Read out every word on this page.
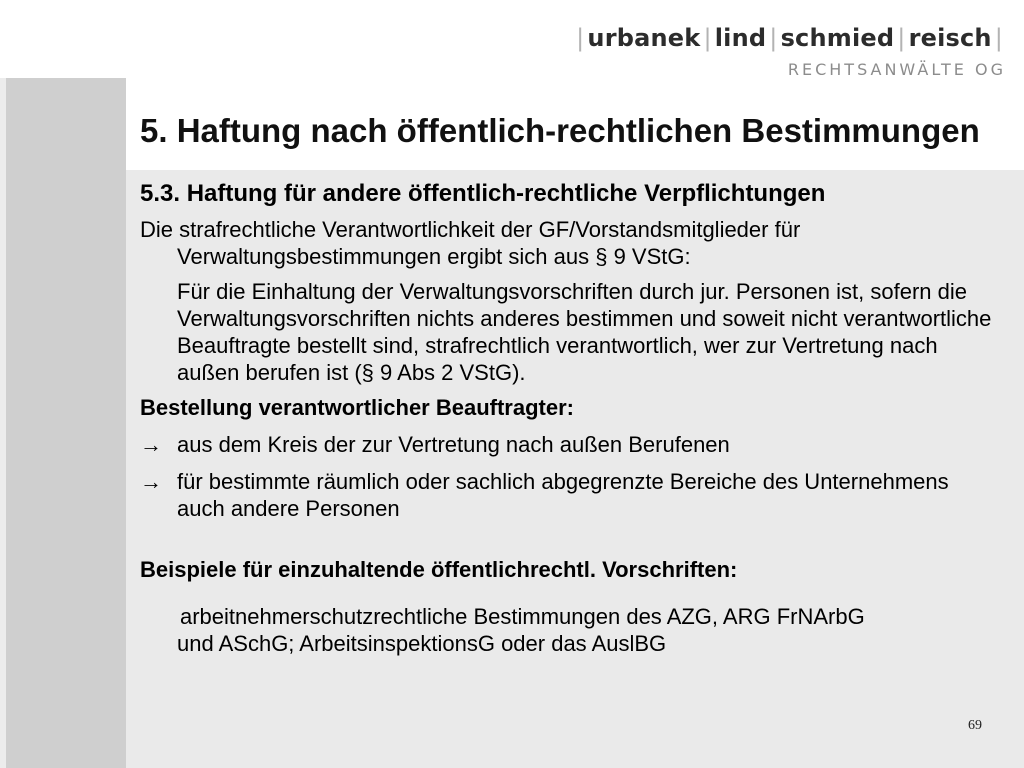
| urbanek | lind | schmied | reisch |
RECHTSANWÄLTE OG
5. Haftung nach öffentlich-rechtlichen Bestimmungen
5.3. Haftung für andere öffentlich-rechtliche Verpflichtungen
Die strafrechtliche Verantwortlichkeit der GF/Vorstandsmitglieder für Verwaltungsbestimmungen ergibt sich aus § 9 VStG:
Für die Einhaltung der Verwaltungsvorschriften durch jur. Personen ist, sofern die Verwaltungsvorschriften nichts anderes bestimmen und soweit nicht verantwortliche Beauftragte bestellt sind, strafrechtlich verantwortlich, wer zur Vertretung nach außen berufen ist (§ 9 Abs 2 VStG).
Bestellung verantwortlicher Beauftragter:
→ aus dem Kreis der zur Vertretung nach außen Berufenen
→ für bestimmte räumlich oder sachlich abgegrenzte Bereiche des Unternehmens auch andere Personen
Beispiele für einzuhaltende öffentlichrechtl. Vorschriften:
arbeitnehmerschutzrechtliche Bestimmungen des AZG, ARG FrNArbG
und ASchG; ArbeitsinspektionsG oder das AuslBG
69
